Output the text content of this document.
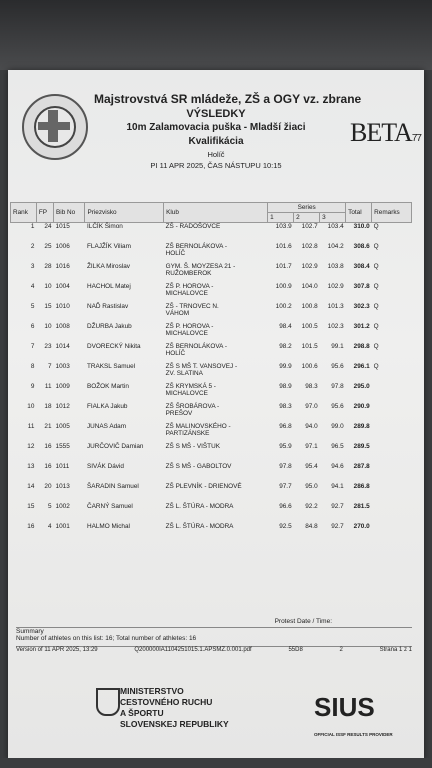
Majstrovstvá SR mládeže, ZŠ a OGY vz. zbrane
VÝSLEDKY
10m Zalamovacia puška - Mladší žiaci
Kvalifikácia
Holíč
PI 11 APR 2025, ČAS NÁSTUPU 10:15
BETA77
Rank	FP	Bib No	Priezvisko	Klub	Series			Total	Remarks
					1	2	3		
1	24	1015	ILČÍK Šimon	ZŠ - RADOŠOVCE	103.9	102.7	103.4	310.0	Q
2	25	1006	FLAJŽÍK Viliam	ZŠ BERNOLÁKOVA -
HOLÍČ	101.6	102.8	104.2	308.6	Q
3	28	1016	ŽILKA Miroslav	GYM. Š. MOYZESA 21 -
RUŽOMBEROK	101.7	102.9	103.8	308.4	Q
4	10	1004	HACHOL Matej	ZŠ P. HOROVA -
MICHALOVCE	100.9	104.0	102.9	307.8	Q
5	15	1010	NAĎ Rastislav	ZŠ - TRNOVEC N.
VÁHOM	100.2	100.8	101.3	302.3	Q
6	10	1008	DŽURBA Jakub	ZŠ P. HOROVA -
MICHALOVCE	98.4	100.5	102.3	301.2	Q
7	23	1014	DVORECKÝ Nikita	ZŠ BERNOLÁKOVA -
HOLÍČ	98.2	101.5	99.1	298.8	Q
8	7	1003	TRAKSL Samuel	ZŠ S MŠ T. VANSOVEJ -
ZV. SLATINA	99.9	100.6	95.6	296.1	Q
9	11	1009	BOŽOK Martin	ZŠ KRYMSKÁ 5 -
MICHALOVCE	98.9	98.3	97.8	295.0	
10	18	1012	FIALKA Jakub	ZŠ ŠROBÁROVA -
PREŠOV	98.3	97.0	95.6	290.9	
11	21	1005	JUNAS Adam	ZŠ MALINOVSKÉHO -
PARTIZÁNSKE	96.8	94.0	99.0	289.8	
12	16	1555	JURČOVIČ Damian	ZŠ S MŠ - VIŠTUK	95.9	97.1	96.5	289.5	
13	16	1011	SIVÁK Dávid	ZŠ S MŠ - GABOLTOV	97.8	95.4	94.6	287.8	
14	20	1013	ŠARADIN Samuel	ZŠ PLEVNÍK - DRIENOVÉ	97.7	95.0	94.1	286.8	
15	5	1002	ČARNÝ Samuel	ZŠ L. ŠTÚRA - MODRA	96.6	92.2	92.7	281.5	
16	4	1001	HALMO Michal	ZŠ L. ŠTÚRA - MODRA	92.5	84.8	92.7	270.0	
Protest Date / Time:
Summary
Number of athletes on this list: 16; Total number of athletes: 16
Version of 11 APR 2025, 13:29	Q200000IA1104251015.1.APSMZ.0.001.pdf	55D8	2	Strana 1 z 1
MINISTERSTVO
CESTOVNÉHO RUCHU
A ŠPORTU
SLOVENSKEJ REPUBLIKY
SIUS
OFFICIAL ISSF RESULTS PROVIDER
